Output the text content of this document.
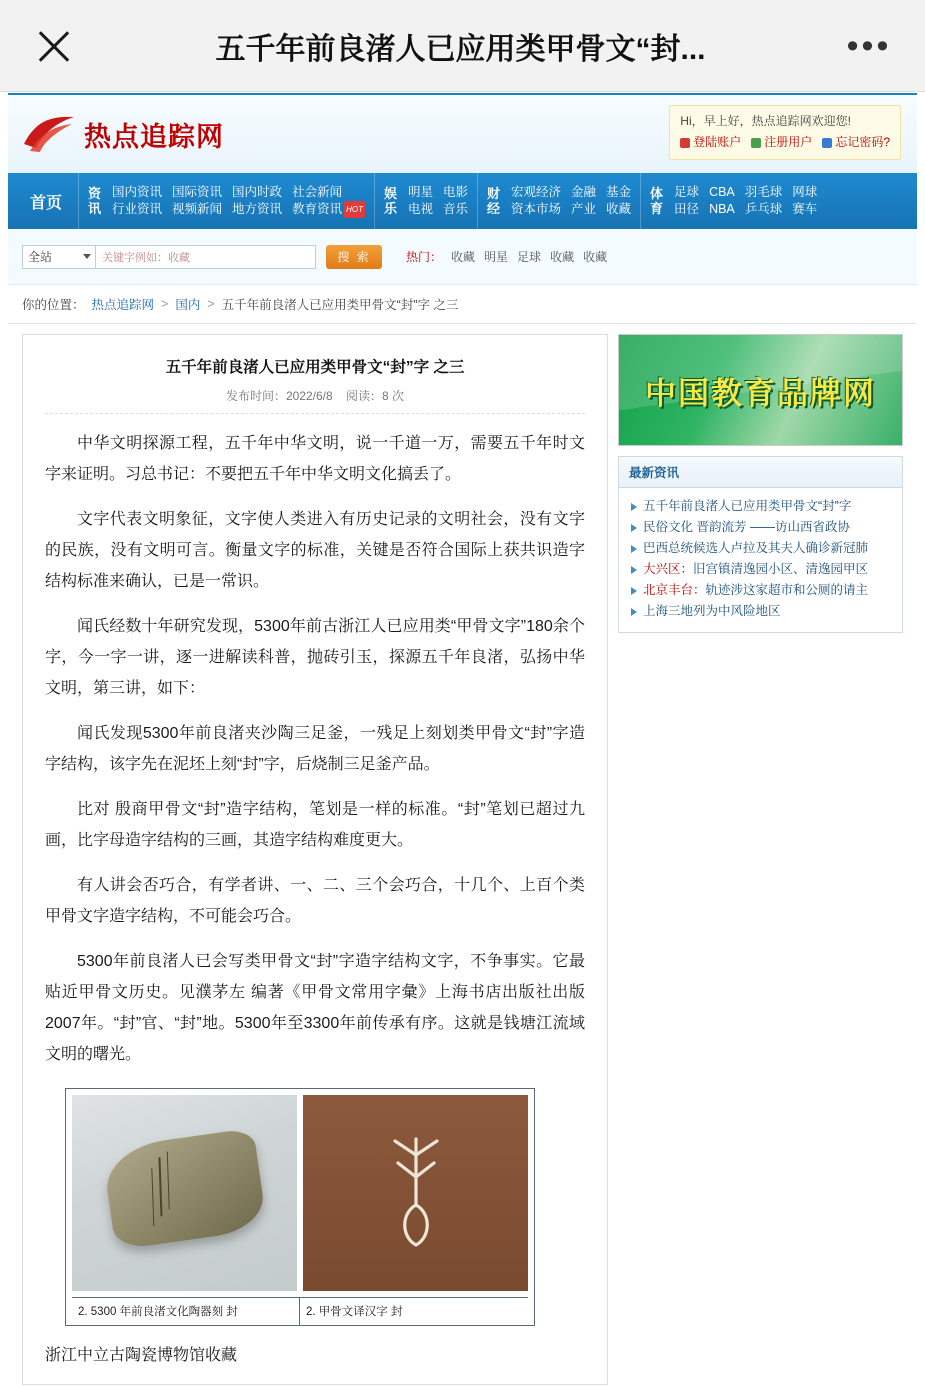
五千年前良渚人已应用类甲骨文“封...	•••
热点追踪网
Hi，早上好，热点追踪网欢迎您!
登陆账户 注册用户 忘记密码?
首页
资讯
国内资讯
行业资讯
国际资讯
视频新闻
国内时政
地方资讯
社会新闻
教育资讯 HOT
娱乐
明星
电视
电影
音乐
财经
宏观经济
资本市场
金融
产业
基金
收藏
体育
足球
田径
CBA
NBA
羽毛球
乒乓球
网球
赛车
全站	关键字例如：收藏	搜 索	热门： 收藏 明星 足球 收藏 收藏
你的位置： 热点追踪网 > 国内 > 五千年前良渚人已应用类甲骨文“封”字 之三
五千年前良渚人已应用类甲骨文“封”字 之三
发布时间：2022/6/8 阅读：8 次

中华文明探源工程，五千年中华文明，说一千道一万，需要五千年时文字来证明。习总书记：不要把五千年中华文明文化搞丢了。

文字代表文明象征，文字使人类进入有历史记录的文明社会，没有文字的民族，没有文明可言。衡量文字的标准，关键是否符合国际上获共识造字结构标准来确认，已是一常识。

闻氏经数十年研究发现，5300年前古浙江人已应用类“甲骨文字”180余个字，今一字一讲，逐一进解读科普，抛砖引玉，探源五千年良渚，弘扬中华文明，第三讲，如下：

闻氏发现5300年前良渚夹沙陶三足釜，一残足上刻划类甲骨文“封”字造字结构，该字先在泥坯上刻“封”字，后烧制三足釜产品。

比对 殷商甲骨文“封”造字结构，笔划是一样的标准。“封”笔划已超过九画，比字母造字结构的三画，其造字结构难度更大。

有人讲会否巧合，有学者讲、一、二、三个会巧合，十几个、上百个类甲骨文字造字结构，不可能会巧合。

5300年前良渚人已会写类甲骨文“封”字造字结构文字，不争事实。它最贴近甲骨文历史。见濮茅左 编著《甲骨文常用字彙》上海书店出版社出版2007年。“封”官、“封”地。5300年至3300年前传承有序。这就是钱塘江流域文明的曙光。

2. 5300 年前良渚文化陶器刻 封	2. 甲骨文译汉字 封

浙江中立古陶瓷博物馆收藏

中国教育品牌网
最新资讯
五千年前良渚人已应用类甲骨文“封”字
民俗文化 晋韵流芳 ——访山西省政协
巴西总统候选人卢拉及其夫人确诊新冠肺
大兴区：旧宫镇清逸园小区、清逸园甲区
北京丰台：轨迹涉这家超市和公厕的请主
上海三地列为中风险地区
